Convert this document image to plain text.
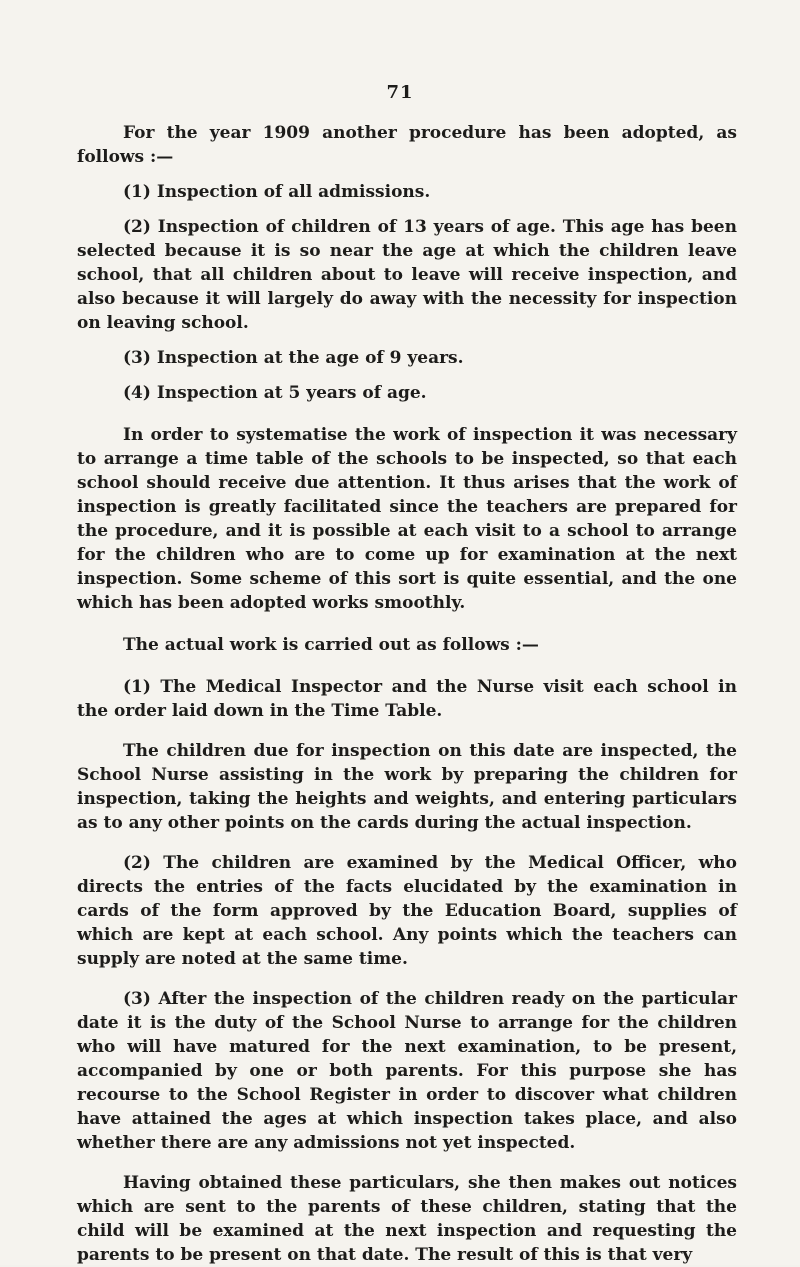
71

For the year 1909 another procedure has been adopted, as follows :—

(1) Inspection of all admissions.

(2) Inspection of children of 13 years of age. This age has been selected because it is so near the age at which the children leave school, that all children about to leave will receive inspection, and also because it will largely do away with the necessity for inspection on leaving school.

(3) Inspection at the age of 9 years.

(4) Inspection at 5 years of age.

In order to systematise the work of inspection it was necessary to arrange a time table of the schools to be inspected, so that each school should receive due attention. It thus arises that the work of inspection is greatly facilitated since the teachers are prepared for the procedure, and it is possible at each visit to a school to arrange for the children who are to come up for examination at the next inspection. Some scheme of this sort is quite essential, and the one which has been adopted works smoothly.

The actual work is carried out as follows :—

(1) The Medical Inspector and the Nurse visit each school in the order laid down in the Time Table.

The children due for inspection on this date are inspected, the School Nurse assisting in the work by preparing the children for inspection, taking the heights and weights, and entering particulars as to any other points on the cards during the actual inspection.

(2) The children are examined by the Medical Officer, who directs the entries of the facts elucidated by the examination in cards of the form approved by the Education Board, supplies of which are kept at each school. Any points which the teachers can supply are noted at the same time.

(3) After the inspection of the children ready on the particular date it is the duty of the School Nurse to arrange for the children who will have matured for the next examination, to be present, accompanied by one or both parents. For this purpose she has recourse to the School Register in order to discover what children have attained the ages at which inspection takes place, and also whether there are any admissions not yet inspected.

Having obtained these particulars, she then makes out notices which are sent to the parents of these children, stating that the child will be examined at the next inspection and requesting the parents to be present on that date. The result of this is that very
